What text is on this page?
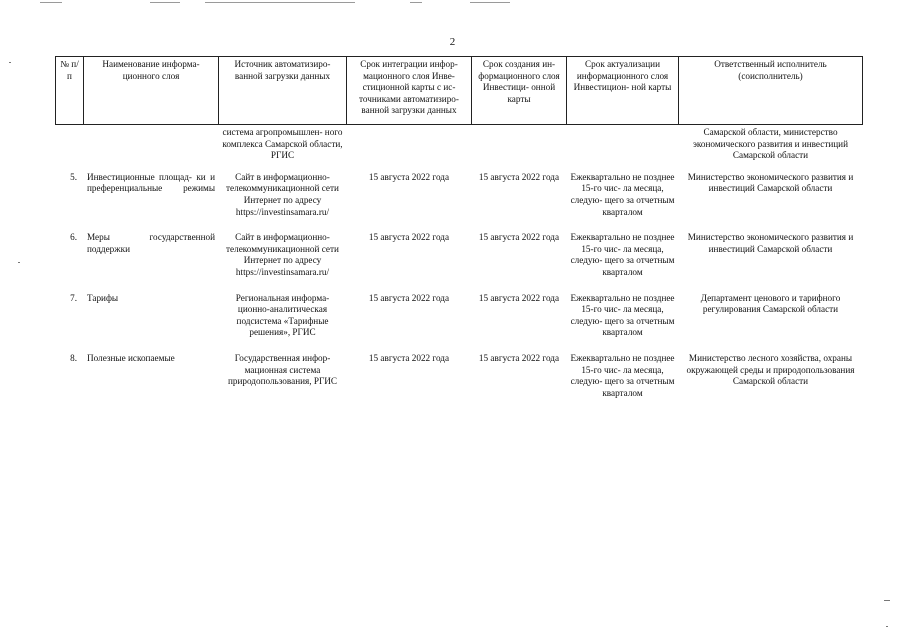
2
№ п/п	Наименование информа- ционного слоя	Источник автоматизиро- ванной загрузки данных	Срок интеграции инфор- мационного слоя Инве- стиционной карты с ис- точниками автоматизиро- ванной загрузки данных	Срок создания ин- формационного слоя Инвестици- онной карты	Срок актуализации информационного слоя Инвестицион- ной карты	Ответственный исполнитель (соисполнитель)
		система агропромышлен- ного комплекса Самарской области, РГИС				Самарской области, министерство экономического развития и инвестиций Самарской области
5.	Инвестиционные площад- ки и преференциальные режимы	Сайт в информационно- телекоммуникационной сети Интернет по адресу https://investinsamara.ru/	15 августа 2022 года	15 августа 2022 года	Ежеквартально не позднее 15-го чис- ла месяца, следую- щего за отчетным кварталом	Министерство экономического развития и инвестиций Самарской области
6.	Меры государственной поддержки	Сайт в информационно- телекоммуникационной сети Интернет по адресу https://investinsamara.ru/	15 августа 2022 года	15 августа 2022 года	Ежеквартально не позднее 15-го чис- ла месяца, следую- щего за отчетным кварталом	Министерство экономического развития и инвестиций Самарской области
7.	Тарифы	Региональная информа- ционно-аналитическая подсистема «Тарифные решения», РГИС	15 августа 2022 года	15 августа 2022 года	Ежеквартально не позднее 15-го чис- ла месяца, следую- щего за отчетным кварталом	Департамент ценового и тарифного регулирования Самарской области
8.	Полезные ископаемые	Государственная инфор- мационная система природопользования, РГИС	15 августа 2022 года	15 августа 2022 года	Ежеквартально не позднее 15-го чис- ла месяца, следую- щего за отчетным кварталом	Министерство лесного хозяйства, охраны окружающей среды и природопользования Самарской области
